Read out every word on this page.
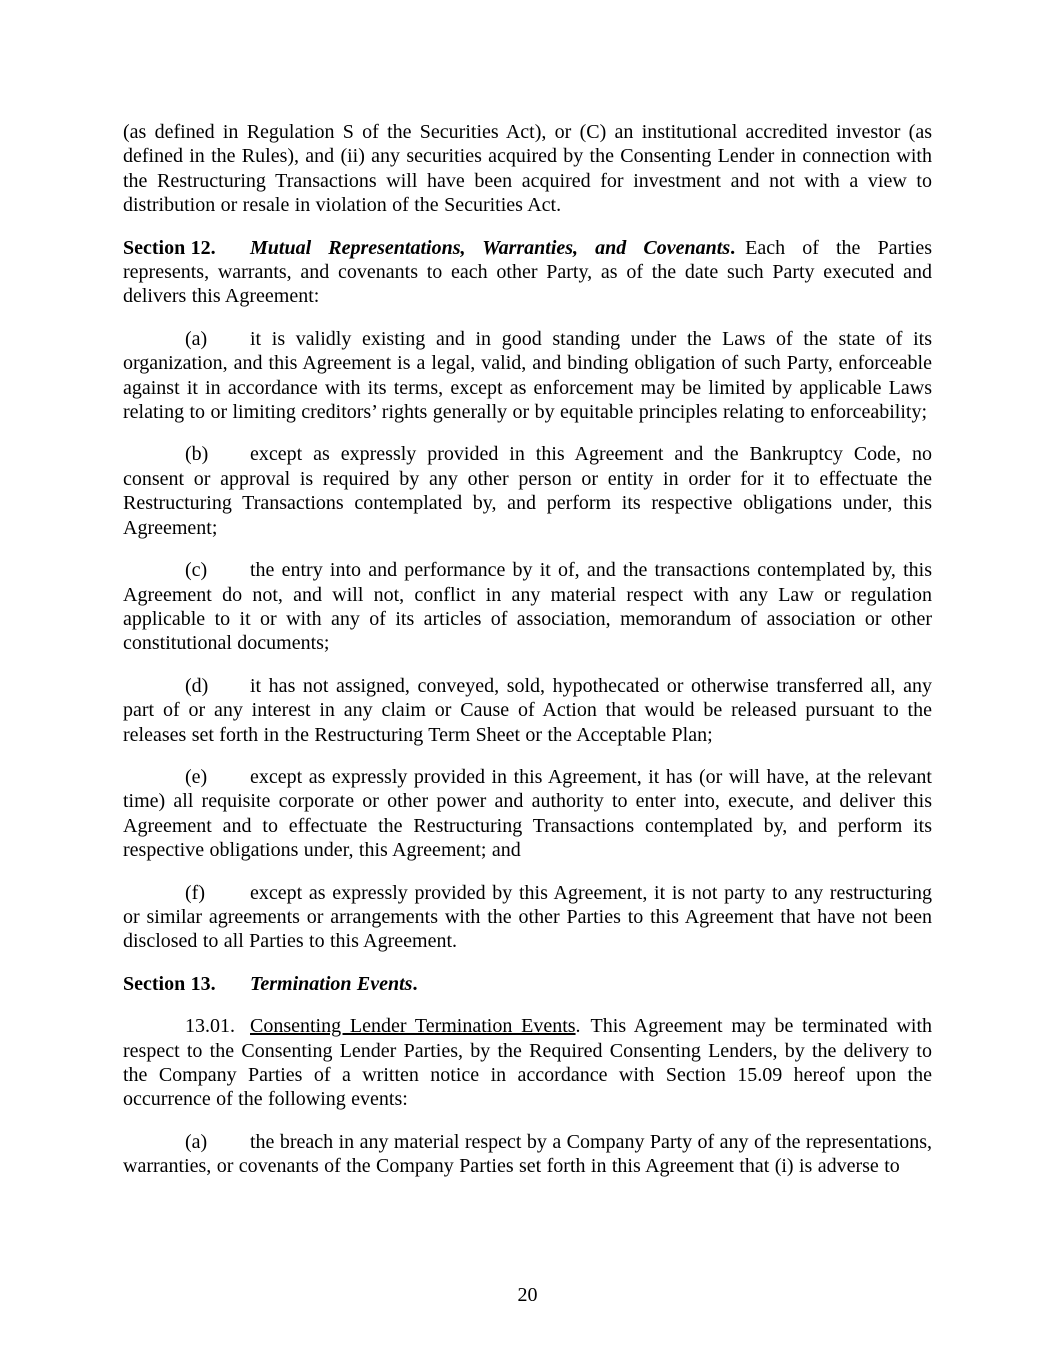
(as defined in Regulation S of the Securities Act), or (C) an institutional accredited investor (as defined in the Rules), and (ii) any securities acquired by the Consenting Lender in connection with the Restructuring Transactions will have been acquired for investment and not with a view to distribution or resale in violation of the Securities Act.

Section 12. Mutual Representations, Warranties, and Covenants. Each of the Parties represents, warrants, and covenants to each other Party, as of the date such Party executed and delivers this Agreement:

(a) it is validly existing and in good standing under the Laws of the state of its organization, and this Agreement is a legal, valid, and binding obligation of such Party, enforceable against it in accordance with its terms, except as enforcement may be limited by applicable Laws relating to or limiting creditors’ rights generally or by equitable principles relating to enforceability;

(b) except as expressly provided in this Agreement and the Bankruptcy Code, no consent or approval is required by any other person or entity in order for it to effectuate the Restructuring Transactions contemplated by, and perform its respective obligations under, this Agreement;

(c) the entry into and performance by it of, and the transactions contemplated by, this Agreement do not, and will not, conflict in any material respect with any Law or regulation applicable to it or with any of its articles of association, memorandum of association or other constitutional documents;

(d) it has not assigned, conveyed, sold, hypothecated or otherwise transferred all, any part of or any interest in any claim or Cause of Action that would be released pursuant to the releases set forth in the Restructuring Term Sheet or the Acceptable Plan;

(e) except as expressly provided in this Agreement, it has (or will have, at the relevant time) all requisite corporate or other power and authority to enter into, execute, and deliver this Agreement and to effectuate the Restructuring Transactions contemplated by, and perform its respective obligations under, this Agreement; and

(f) except as expressly provided by this Agreement, it is not party to any restructuring or similar agreements or arrangements with the other Parties to this Agreement that have not been disclosed to all Parties to this Agreement.

Section 13. Termination Events.

13.01. Consenting Lender Termination Events. This Agreement may be terminated with respect to the Consenting Lender Parties, by the Required Consenting Lenders, by the delivery to the Company Parties of a written notice in accordance with Section 15.09 hereof upon the occurrence of the following events:

(a) the breach in any material respect by a Company Party of any of the representations, warranties, or covenants of the Company Parties set forth in this Agreement that (i) is adverse to

20
